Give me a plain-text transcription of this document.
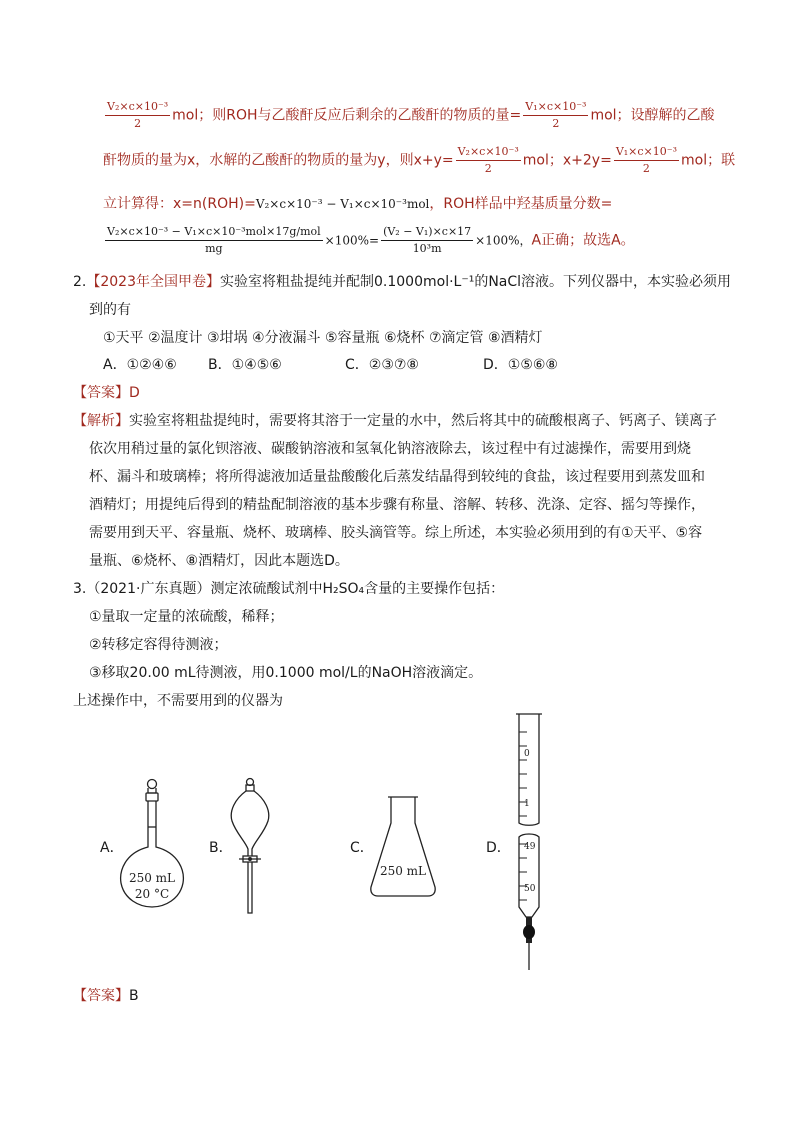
$\frac{\text{V₂×c×10⁻³}}{2}$ mol；则ROH与乙酸酐反应后剩余的乙酸酐的物质的量= $\frac{\text{V₁×c×10⁻³}}{2}$ mol；设醇解的乙酸
酐物质的量为x，水解的乙酸酐的物质的量为y，则$x+y= \frac{\text{V₂×c×10⁻³}}{2}$ mol；$x+2y= \frac{\text{V₁×c×10⁻³}}{2}$ mol；联
立计算得：x=n(ROH)=V₂×c×10⁻³ − V₁×c×10⁻³mol，ROH样品中羟基质量分数=
$\frac{\text{V₂×c×10⁻³ − V₁×c×10⁻³mol×17g/mol}}{mg} \times 100\%= \frac{\text{(V₂ − V₁)×c×17}}{\text{10³m}} \times 100\%$，A正确；故选A。
2.【2023年全国甲卷】实验室将粗盐提纯并配制0.1000mol·L⁻¹的NaCl溶液。下列仪器中，本实验必须用
到的有
①天平 ②温度计 ③坩埚 ④分液漏斗 ⑤容量瓶 ⑥烧杯 ⑦滴定管 ⑧酒精灯
A．①②④⑥ B．①④⑤⑥	C．②③⑦⑧	D．①⑤⑥⑧
【答案】D
【解析】实验室将粗盐提纯时，需要将其溶于一定量的水中，然后将其中的硫酸根离子、钙离子、镁离子
依次用稍过量的氯化钡溶液、碳酸钠溶液和氢氧化钠溶液除去，该过程中有过滤操作，需要用到烧
杯、漏斗和玻璃棒；将所得滤液加适量盐酸酸化后蒸发结晶得到较纯的食盐，该过程要用到蒸发皿和
酒精灯；用提纯后得到的精盐配制溶液的基本步骤有称量、溶解、转移、洗涤、定容、摇匀等操作，
需要用到天平、容量瓶、烧杯、玻璃棒、胶头滴管等。综上所述，本实验必须用到的有①天平、⑤容
量瓶、⑥烧杯、⑧酒精灯，因此本题选D。
3.（2021·广东真题）测定浓硫酸试剂中H₂SO₄含量的主要操作包括：
①量取一定量的浓硫酸，稀释；
②转移定容得待测液；
③移取20.00 mL待测液，用0.1000 mol/L的NaOH溶液滴定。
上述操作中，不需要用到的仪器为
A．	B．	C．	D．
250 mL
20 °C
250 mL
0
1
49
50
【答案】B
